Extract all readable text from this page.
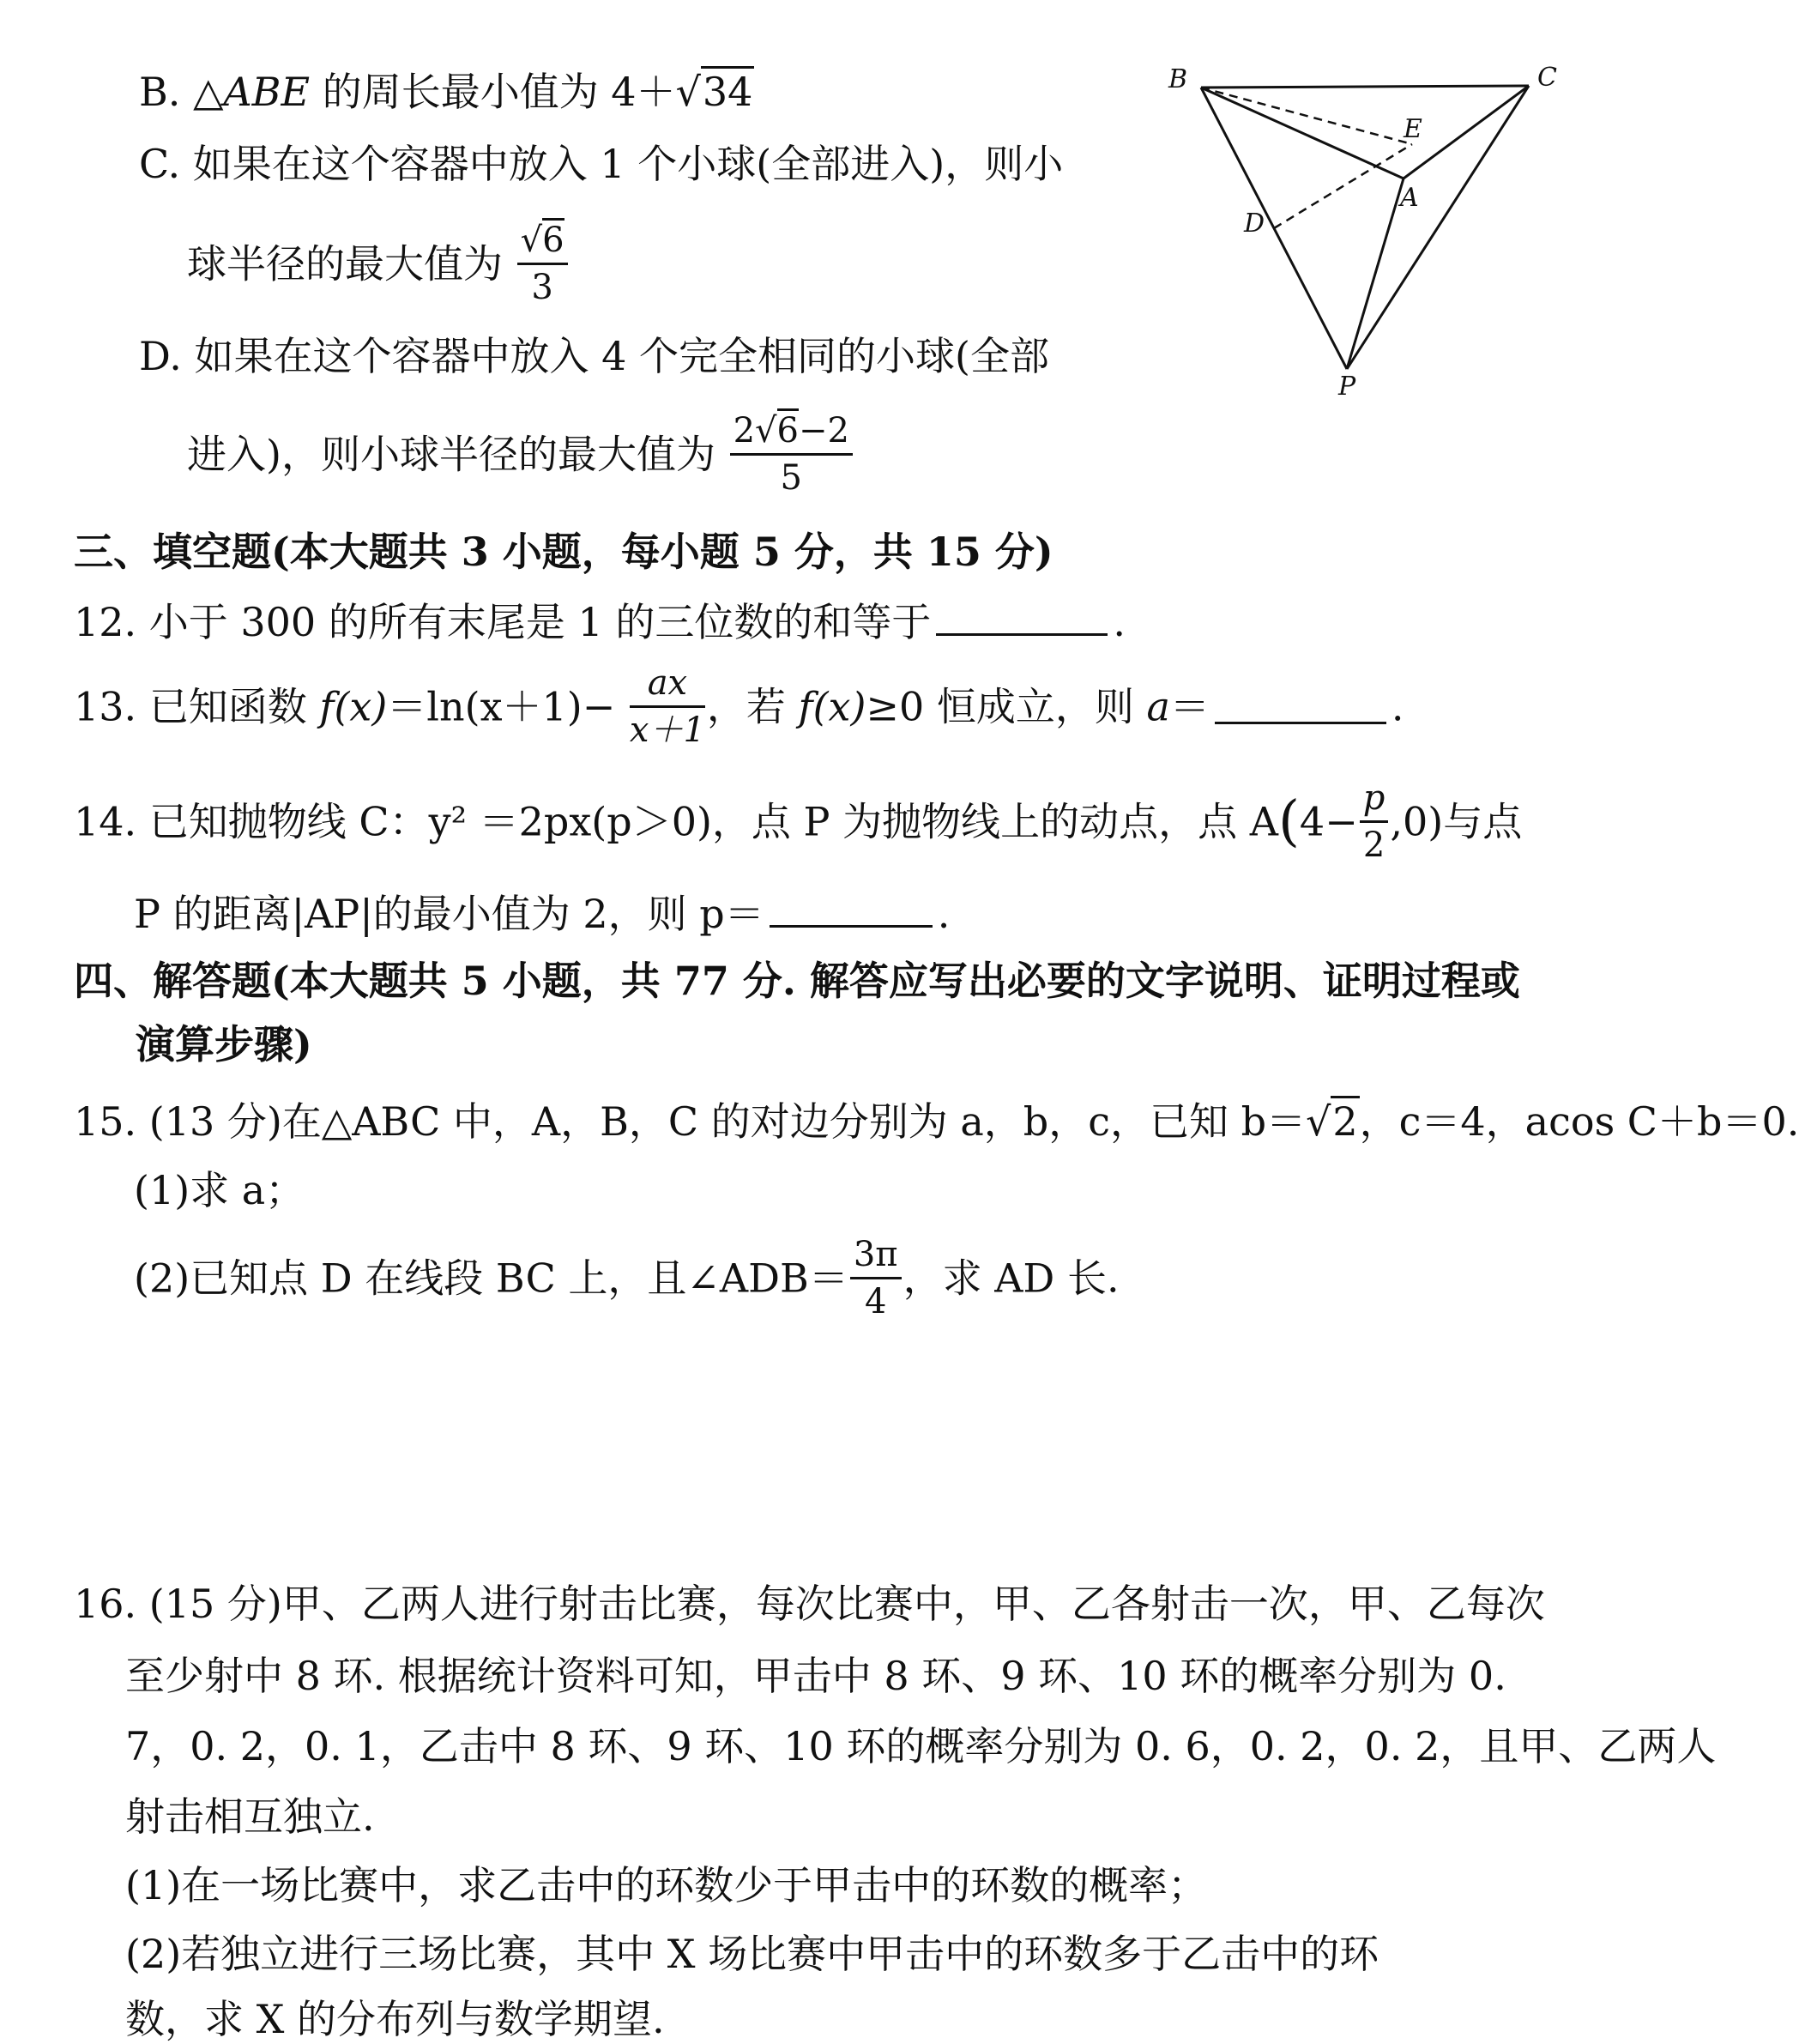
B. △ABE 的周长最小值为 4＋√34
C. 如果在这个容器中放入 1 个小球(全部进入)，则小
球半径的最大值为 $\frac{√6}{3}$
D. 如果在这个容器中放入 4 个完全相同的小球(全部
进入)，则小球半径的最大值为 $\frac{2√6-2}{5}$
B	C
E
A
D
P
三、填空题(本大题共 3 小题，每小题 5 分，共 15 分)
12. 小于 300 的所有末尾是 1 的三位数的和等于	.
13. 已知函数 $f(x)=\ln(x+1)- \frac{ax}{x+1}$ ，若 f(x)≥0 恒成立，则 a＝	.
14. 已知抛物线 C：y² ＝2px(p＞0)，点 P 为抛物线上的动点，点 $A(4- \frac{p}{2} ,0)$与点
P 的距离|AP|的最小值为 2，则 p＝	.
四、解答题(本大题共 5 小题，共 77 分. 解答应写出必要的文字说明、证明过程或
演算步骤)
15. (13 分)在△ABC 中，A，B，C 的对边分别为 a，b，c，已知 b＝√2，c＝4，acos C＋b＝0.
(1)求 a；
(2)已知点 D 在线段 BC 上，且∠ADB＝ $\frac{3\pi}{4}$ ，求 AD 长.
16. (15 分)甲、乙两人进行射击比赛，每次比赛中，甲、乙各射击一次，甲、乙每次
至少射中 8 环. 根据统计资料可知，甲击中 8 环、9 环、10 环的概率分别为 0.
7，0. 2，0. 1，乙击中 8 环、9 环、10 环的概率分别为 0. 6，0. 2，0. 2，且甲、乙两人
射击相互独立.
(1)在一场比赛中，求乙击中的环数少于甲击中的环数的概率；
(2)若独立进行三场比赛，其中 X 场比赛中甲击中的环数多于乙击中的环
数，求 X 的分布列与数学期望.
